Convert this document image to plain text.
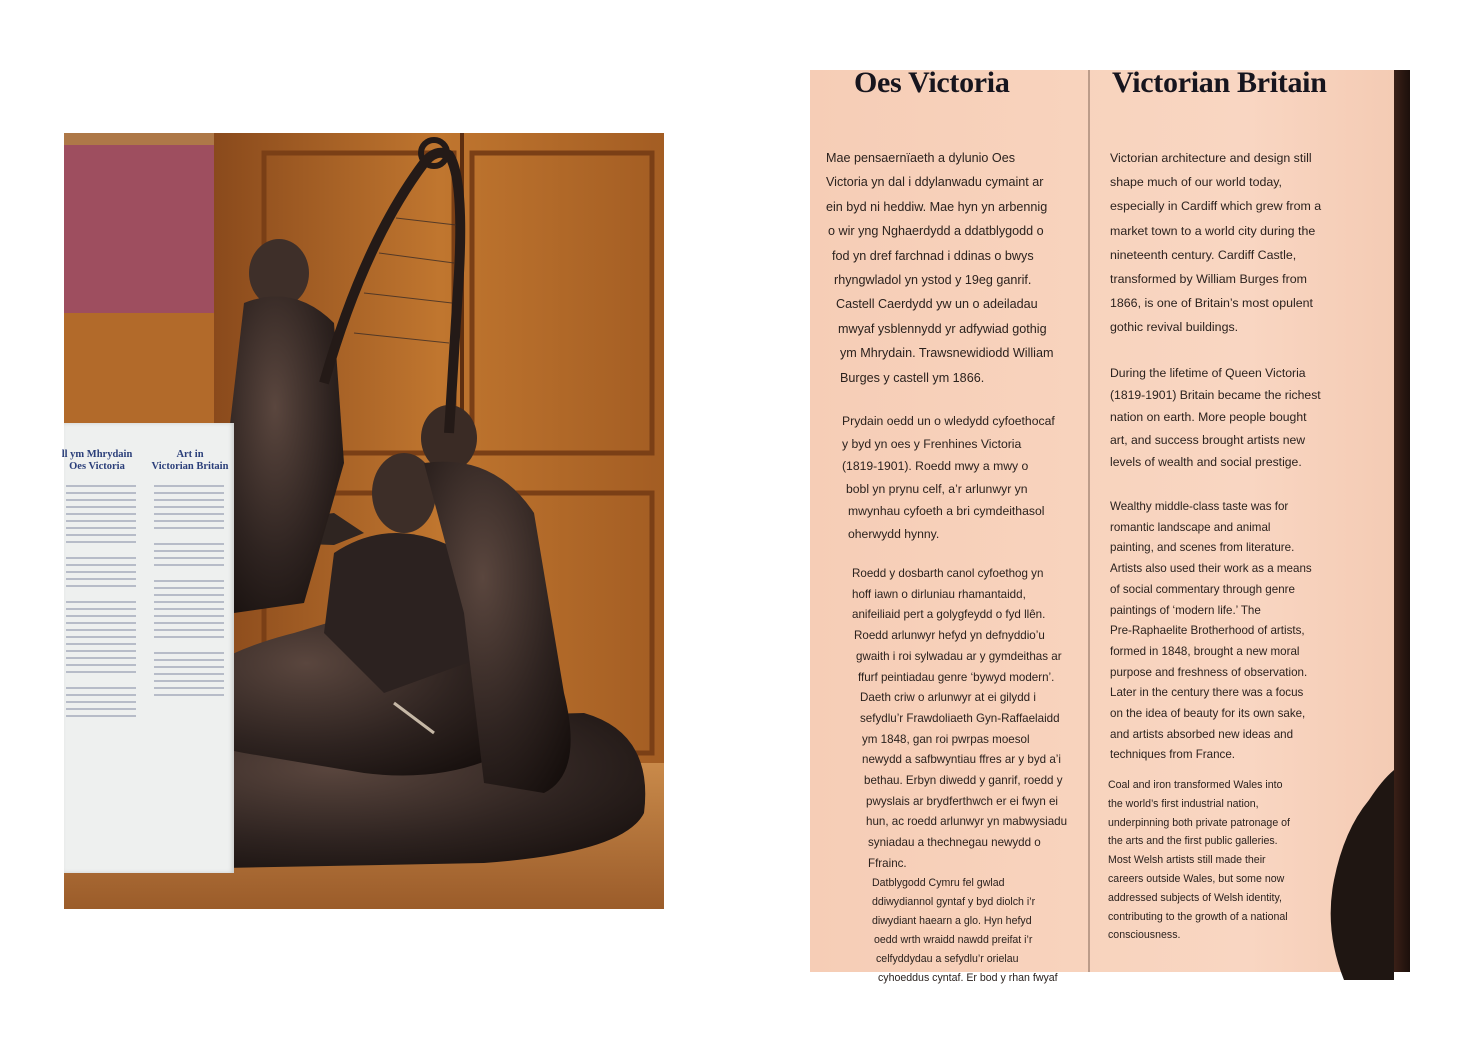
ll ym Mhrydain
Oes Victoria
Art in
Victorian Britain
Oes Victoria	Victorian Britain
Mae pensaernïaeth a dylunio Oes
Victoria yn dal i ddylanwadu cymaint ar
ein byd ni heddiw. Mae hyn yn arbennig
o wir yng Nghaerdydd a ddatblygodd o
fod yn dref farchnad i ddinas o bwys
rhyngwladol yn ystod y 19eg ganrif.
Castell Caerdydd yw un o adeiladau
mwyaf ysblennydd yr adfywiad gothig
ym Mhrydain. Trawsnewidiodd William
Burges y castell ym 1866.
Prydain oedd un o wledydd cyfoethocaf
y byd yn oes y Frenhines Victoria
(1819-1901). Roedd mwy a mwy o
bobl yn prynu celf, a’r arlunwyr yn
mwynhau cyfoeth a bri cymdeithasol
oherwydd hynny.
Roedd y dosbarth canol cyfoethog yn
hoff iawn o dirluniau rhamantaidd,
anifeiliaid pert a golygfeydd o fyd llên.
Roedd arlunwyr hefyd yn defnyddio’u
gwaith i roi sylwadau ar y gymdeithas ar
ffurf peintiadau genre ‘bywyd modern’.
Daeth criw o arlunwyr at ei gilydd i
sefydlu’r Frawdoliaeth Gyn-Raffaelaidd
ym 1848, gan roi pwrpas moesol
newydd a safbwyntiau ffres ar y byd a’i
bethau. Erbyn diwedd y ganrif, roedd y
pwyslais ar brydferthwch er ei fwyn ei
hun, ac roedd arlunwyr yn mabwysiadu
syniadau a thechnegau newydd o
Ffrainc.
Datblygodd Cymru fel gwlad
ddiwydiannol gyntaf y byd diolch i’r
diwydiant haearn a glo. Hyn hefyd
oedd wrth wraidd nawdd preifat i’r
celfyddydau a sefydlu’r orielau
cyhoeddus cyntaf. Er bod y rhan fwyaf
Victorian architecture and design still
shape much of our world today,
especially in Cardiff which grew from a
market town to a world city during the
nineteenth century. Cardiff Castle,
transformed by William Burges from
1866, is one of Britain’s most opulent
gothic revival buildings.
During the lifetime of Queen Victoria
(1819-1901) Britain became the richest
nation on earth. More people bought
art, and success brought artists new
levels of wealth and social prestige.
Wealthy middle-class taste was for
romantic landscape and animal
painting, and scenes from literature.
Artists also used their work as a means
of social commentary through genre
paintings of ‘modern life.’ The
Pre-Raphaelite Brotherhood of artists,
formed in 1848, brought a new moral
purpose and freshness of observation.
Later in the century there was a focus
on the idea of beauty for its own sake,
and artists absorbed new ideas and
techniques from France.
Coal and iron transformed Wales into
the world’s first industrial nation,
underpinning both private patronage of
the arts and the first public galleries.
Most Welsh artists still made their
careers outside Wales, but some now
addressed subjects of Welsh identity,
contributing to the growth of a national
consciousness.
